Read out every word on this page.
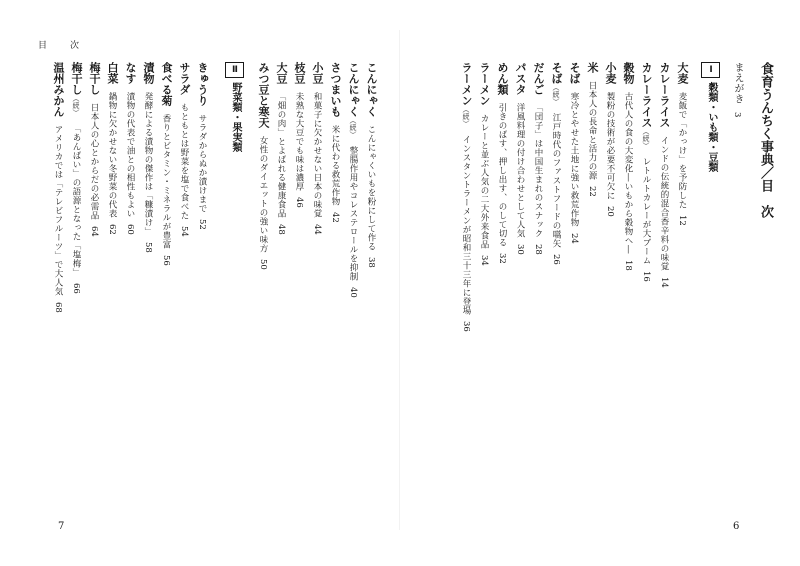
目　次
こんにゃくこんにゃくいもを粉にして作る38
こんにゃく（続）整腸作用やコレステロールを抑制40
さつまいも米に代わる救荒作物42
小豆和菓子に欠かせない日本の味覚44
枝豆未熟な大豆でも味は濃厚46
大豆「畑の肉」とよばれる健康食品48
みつ豆と寒天女性のダイエットの強い味方50
Ⅱ野菜類・果実類
きゅうりサラダからぬか漬けまで52
サラダもともとは野菜を塩で食べた54
食べる菊香りとビタミン・ミネラルが豊富56
漬物発酵による漬物の傑作は「糠漬け」58
なす漬物の代表で油との相性もよい60
白菜鍋物に欠かせない冬野菜の代表62
梅干し日本人の心とからだの必需品64
梅干し（続）「あんばい」の語源となった「塩梅」66
温州みかんアメリカでは「テレビフルーツ」で大人気68
7
食育うんちく事典／目　次
まえがき3
Ⅰ穀類・いも類・豆類
大麦麦飯で「かっけ」を予防した12
カレーライスインドの伝統的混合香辛料の味覚14
カレーライス（続）レトルトカレーが大ブーム16
穀物古代人の食の大変化―いもから穀物へ―18
小麦製粉の技術が必要不可欠に20
米日本人の長命と活力の源22
そば寒冷とやせた土地に強い救荒作物24
そば（続）江戸時代のファストフードの嚆矢26
だんご「団子」は中国生まれのスナック28
パスタ洋風料理の付け合わせとして人気30
めん類引きのばす、押し出す、のして切る32
ラーメンカレーと並ぶ人気の二大外来食品34
ラーメン（続）インスタントラーメンが昭和三十三年に登場36
6
